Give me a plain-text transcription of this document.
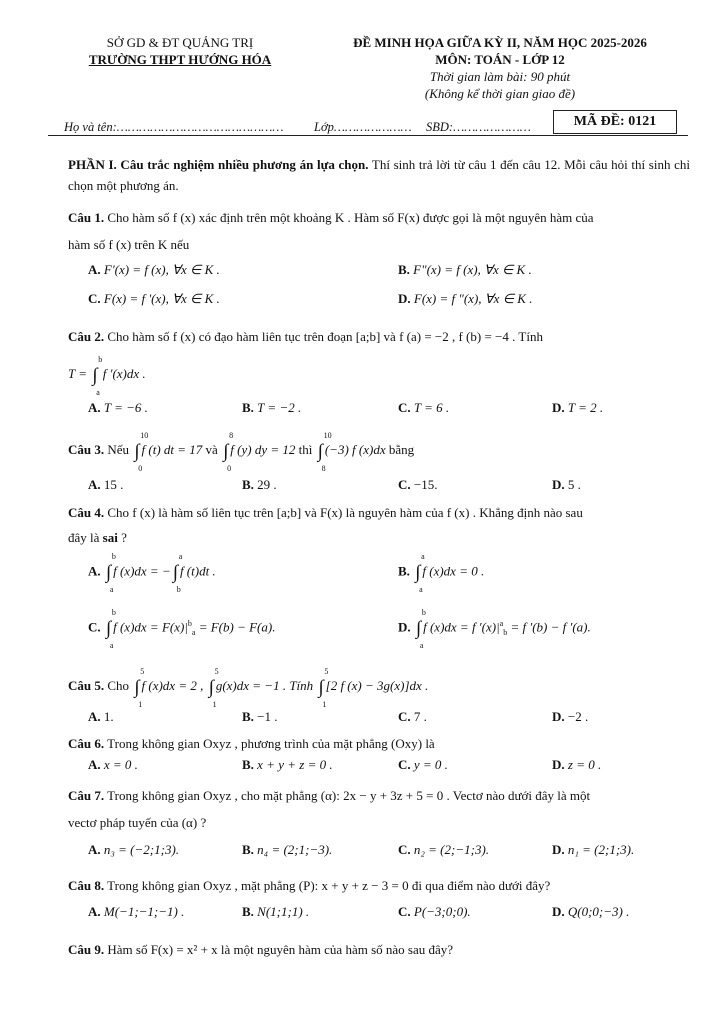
SỞ GD & ĐT QUẢNG TRỊ
TRƯỜNG THPT HƯỚNG HÓA
ĐỀ MINH HỌA GIỮA KỲ II, NĂM HỌC 2025-2026
MÔN: TOÁN - LỚP 12
Thời gian làm bài: 90 phút
(Không kể thời gian giao đề)
Họ và tên:……………………………………… Lớp………………… SBD:…………………	MÃ ĐỀ: 0121
PHẦN I. Câu trắc nghiệm nhiều phương án lựa chọn. Thí sinh trả lời từ câu 1 đến câu 12. Mỗi câu hỏi thí sinh chỉ chọn một phương án.
Câu 1. Cho hàm số f (x) xác định trên một khoảng K . Hàm số F(x) được gọi là một nguyên hàm của
hàm số f (x) trên K nếu
A. F'(x) = f (x), ∀x ∈ K .	B. F"(x) = f (x), ∀x ∈ K .
C. F(x) = f '(x), ∀x ∈ K .	D. F(x) = f "(x), ∀x ∈ K .
Câu 2. Cho hàm số f (x) có đạo hàm liên tục trên đoạn [a;b] và f (a) = −2 , f (b) = −4 . Tính
T = ∫
b
a
f ′(x)dx .
A. T = −6 .	B. T = −2 .	C. T = 6 .	D. T = 2 .
Câu 3. Nếu ∫
10
0
f (t) dt = 17 và ∫
8
0
f (y) dy = 12 thì ∫
10
8
(−3) f (x)dx bằng
A. 15 .	B. 29 .	C. −15.	D. 5 .
Câu 4. Cho f (x) là hàm số liên tục trên [a;b] và F(x) là nguyên hàm của f (x) . Khẳng định nào sau
đây là sai ?
A. ∫
b
a
f (x)dx = − ∫
a
b
f (t)dt .	B. ∫
a
a
f (x)dx = 0 .
C. ∫
b
a
f $(x)dx = F(x)|^b_a = F(b) - F(a)$.	D. ∫
b
a
f (x)dx = f $'(x)|^a_b = f$ ′(b) − f ′(a).
Câu 5. Cho ∫
5
1
f (x)dx = 2 , ∫
5
1
g(x)dx = −1 . Tính ∫
5
1
[2 f (x) − 3g(x)]dx .
A. 1.	B. −1 .	C. 7 .	D. −2 .
Câu 6. Trong không gian Oxyz , phương trình của mặt phẳng (Oxy) là
A. x = 0 .	B. x + y + z = 0 .	C. y = 0 .	D. z = 0 .
Câu 7. Trong không gian Oxyz , cho mặt phẳng (α): 2x − y + 3z + 5 = 0 . Vectơ nào dưới đây là một
vectơ pháp tuyến của (α) ?
A. n₃ = (−2;1;3).	B. n₄ = (2;1;−3).	C. n₂ = (2;−1;3).	D. n₁ = (2;1;3).
Câu 8. Trong không gian Oxyz , mặt phẳng (P): x + y + z − 3 = 0 đi qua điểm nào dưới đây?
A. M(−1;−1;−1) .	B. N(1;1;1) .	C. P(−3;0;0).	D. Q(0;0;−3) .
Câu 9. Hàm số F(x) = x² + x là một nguyên hàm của hàm số nào sau đây?
